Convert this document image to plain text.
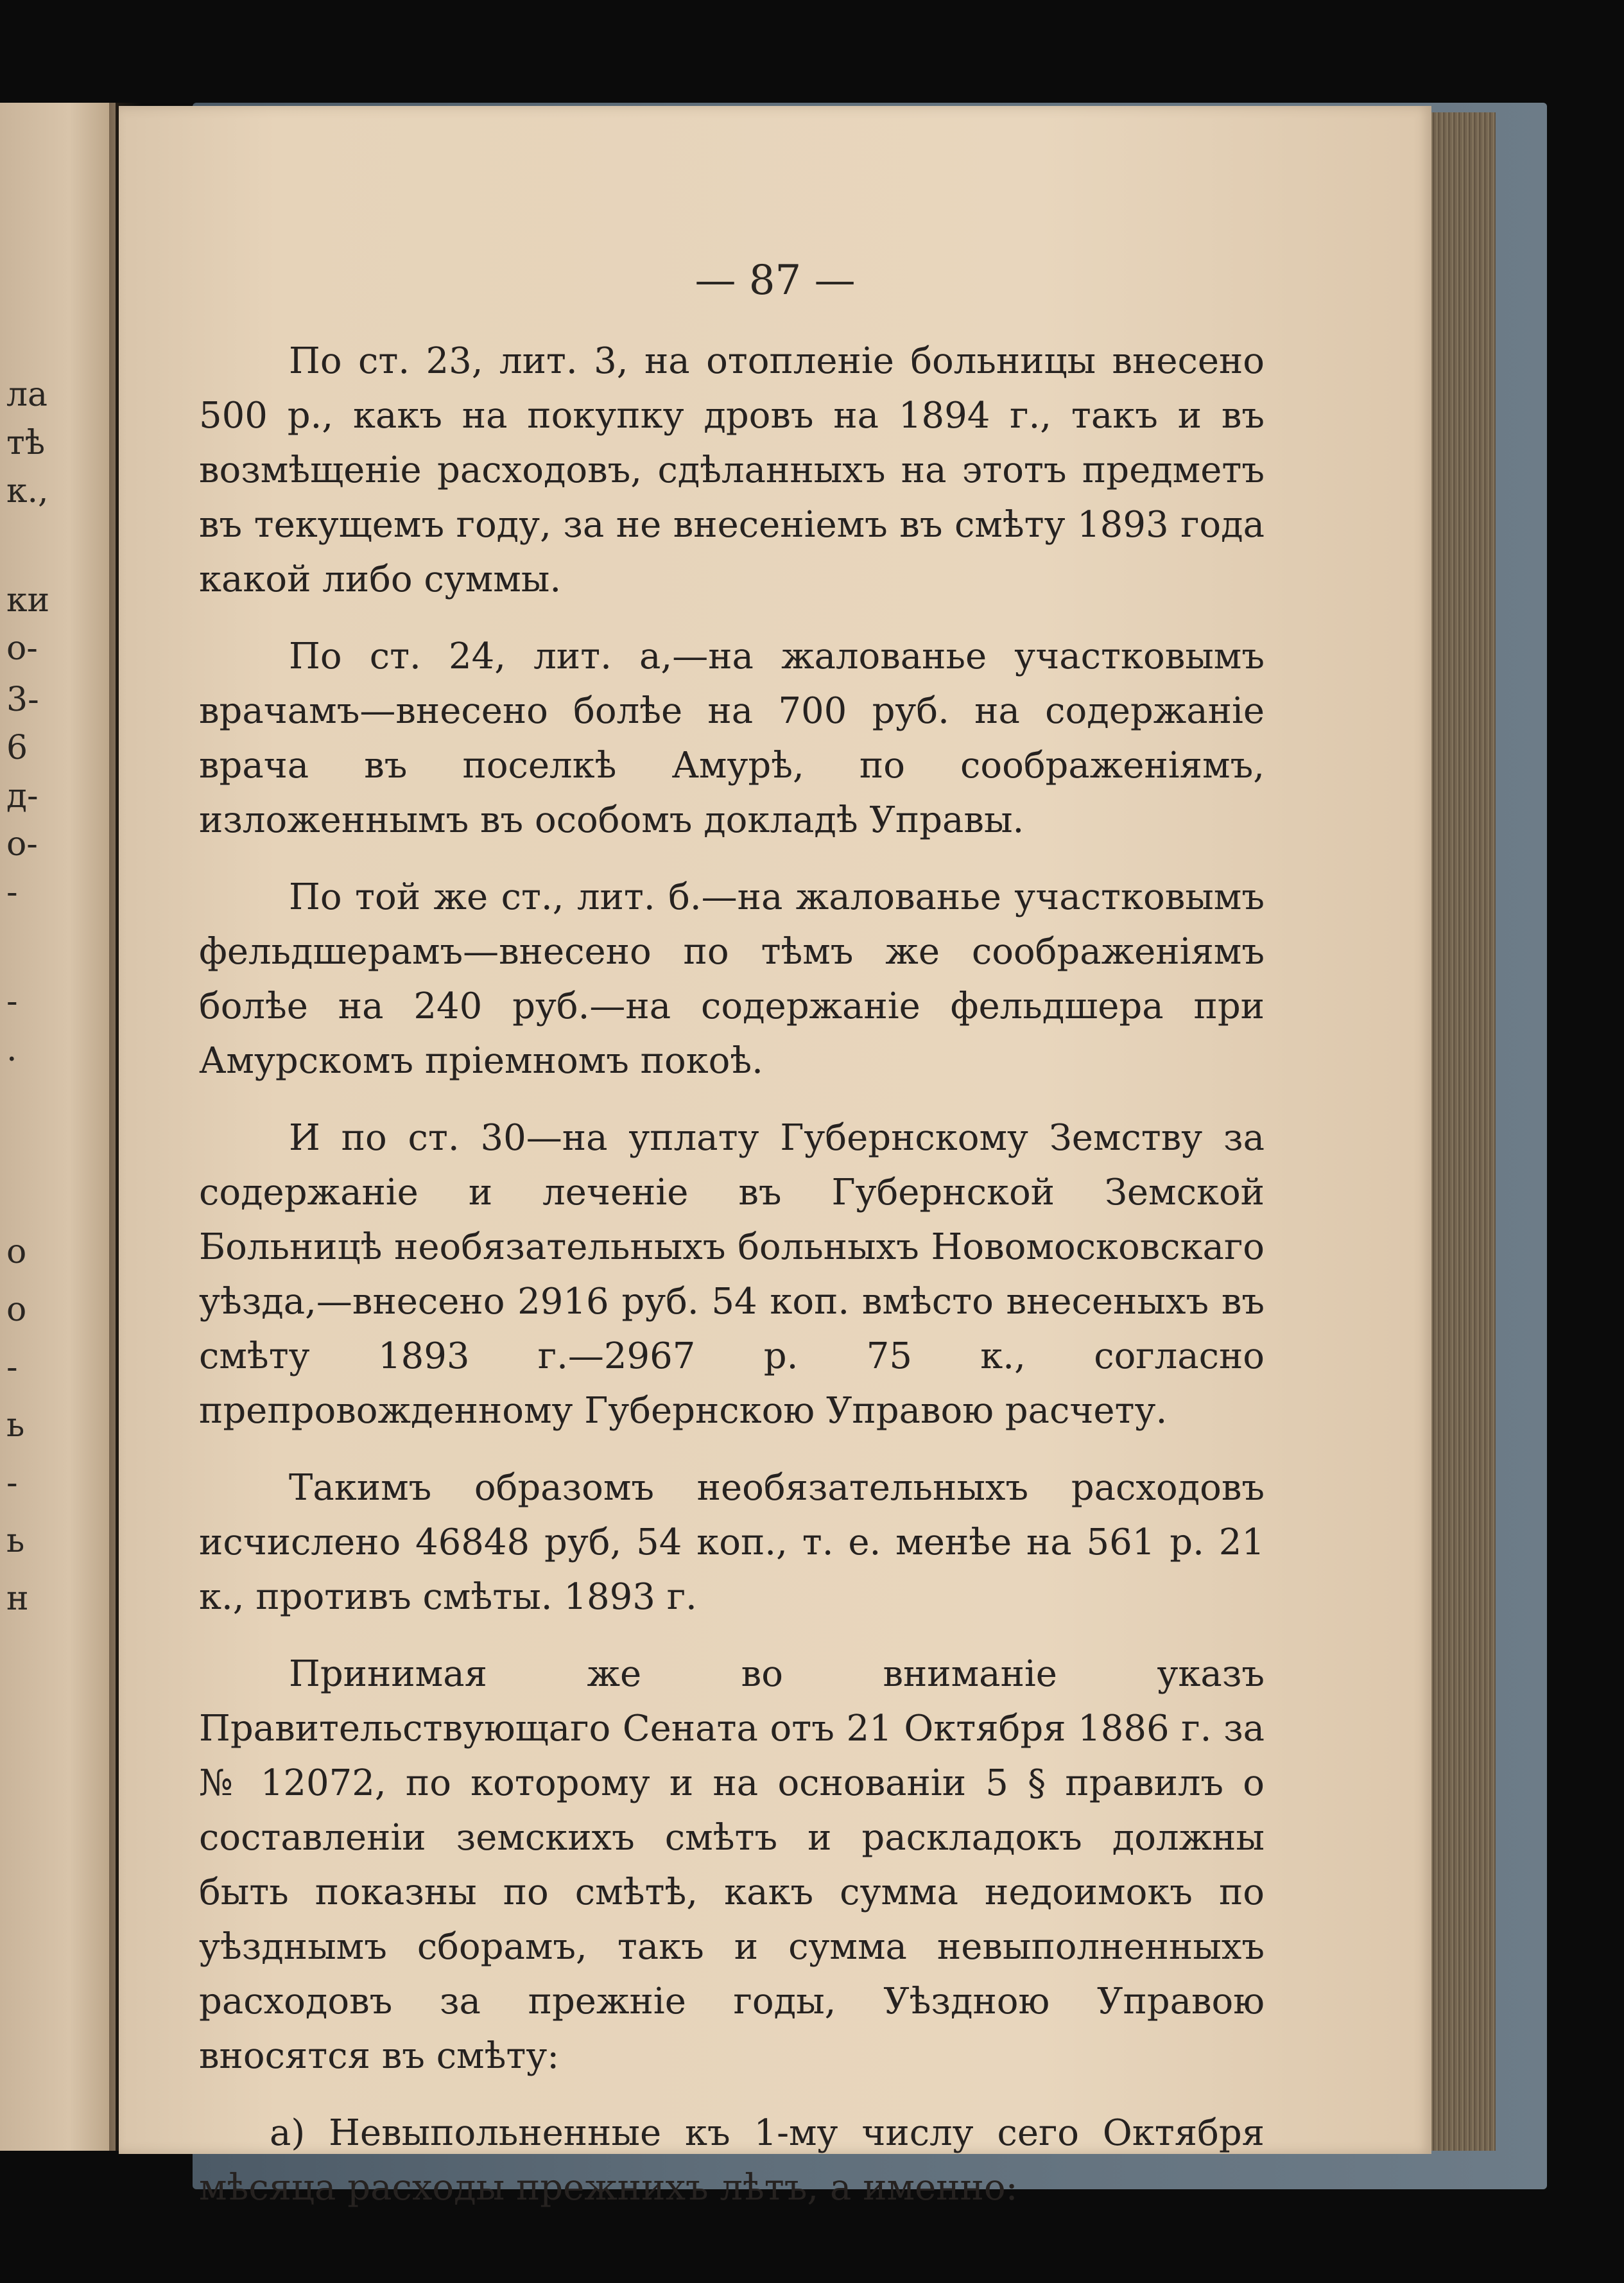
ла
тѣ
к.,
ки
о-
3-
6
д-
о-
-
-
.
о
о
-
ь
-
ь
н
— 87 —

По ст. 23, лит. 3, на отопленіе больницы внесено 500 р., какъ на покупку дровъ на 1894 г., такъ и въ возмѣщеніе расходовъ, сдѣланныхъ на этотъ предметъ въ текущемъ году, за не внесеніемъ въ смѣту 1893 года какой либо суммы.

По ст. 24, лит. а,—на жалованье участковымъ врачамъ—внесено болѣе на 700 руб. на содержаніе врача въ поселкѣ Амурѣ, по соображеніямъ, изложеннымъ въ особомъ докладѣ Управы.

По той же ст., лит. б.—на жалованье участковымъ фельдшерамъ—внесено по тѣмъ же соображеніямъ болѣе на 240 руб.—на содержаніе фельдшера при Амурскомъ пріемномъ покоѣ.

И по ст. 30—на уплату Губернскому Земству за содержаніе и леченіе въ Губернской Земской Больницѣ необязательныхъ больныхъ Новомосковскаго уѣзда,—внесено 2916 руб. 54 коп. вмѣсто внесеныхъ въ смѣту 1893 г.—2967 р. 75 к., согласно препровожденному Губернскою Управою расчету.

Такимъ образомъ необязательныхъ расходовъ исчислено 46848 руб, 54 коп., т. е. менѣе на 561 р. 21 к., противъ смѣты. 1893 г.

Принимая же во вниманіе указъ Правительствующаго Сената отъ 21 Октября 1886 г. за № 12072, по которому и на основаніи 5 § правилъ о составленіи земскихъ смѣтъ и раскладокъ должны быть показны по смѣтѣ, какъ сумма недоимокъ по уѣзднымъ сборамъ, такъ и сумма невыполненныхъ расходовъ за прежніе годы, Уѣздною Управою вносятся въ смѣту:

а) Невыпольненные къ 1-му числу сего Октября мѣсяца расходы прежнихъ лѣтъ, а именно:
